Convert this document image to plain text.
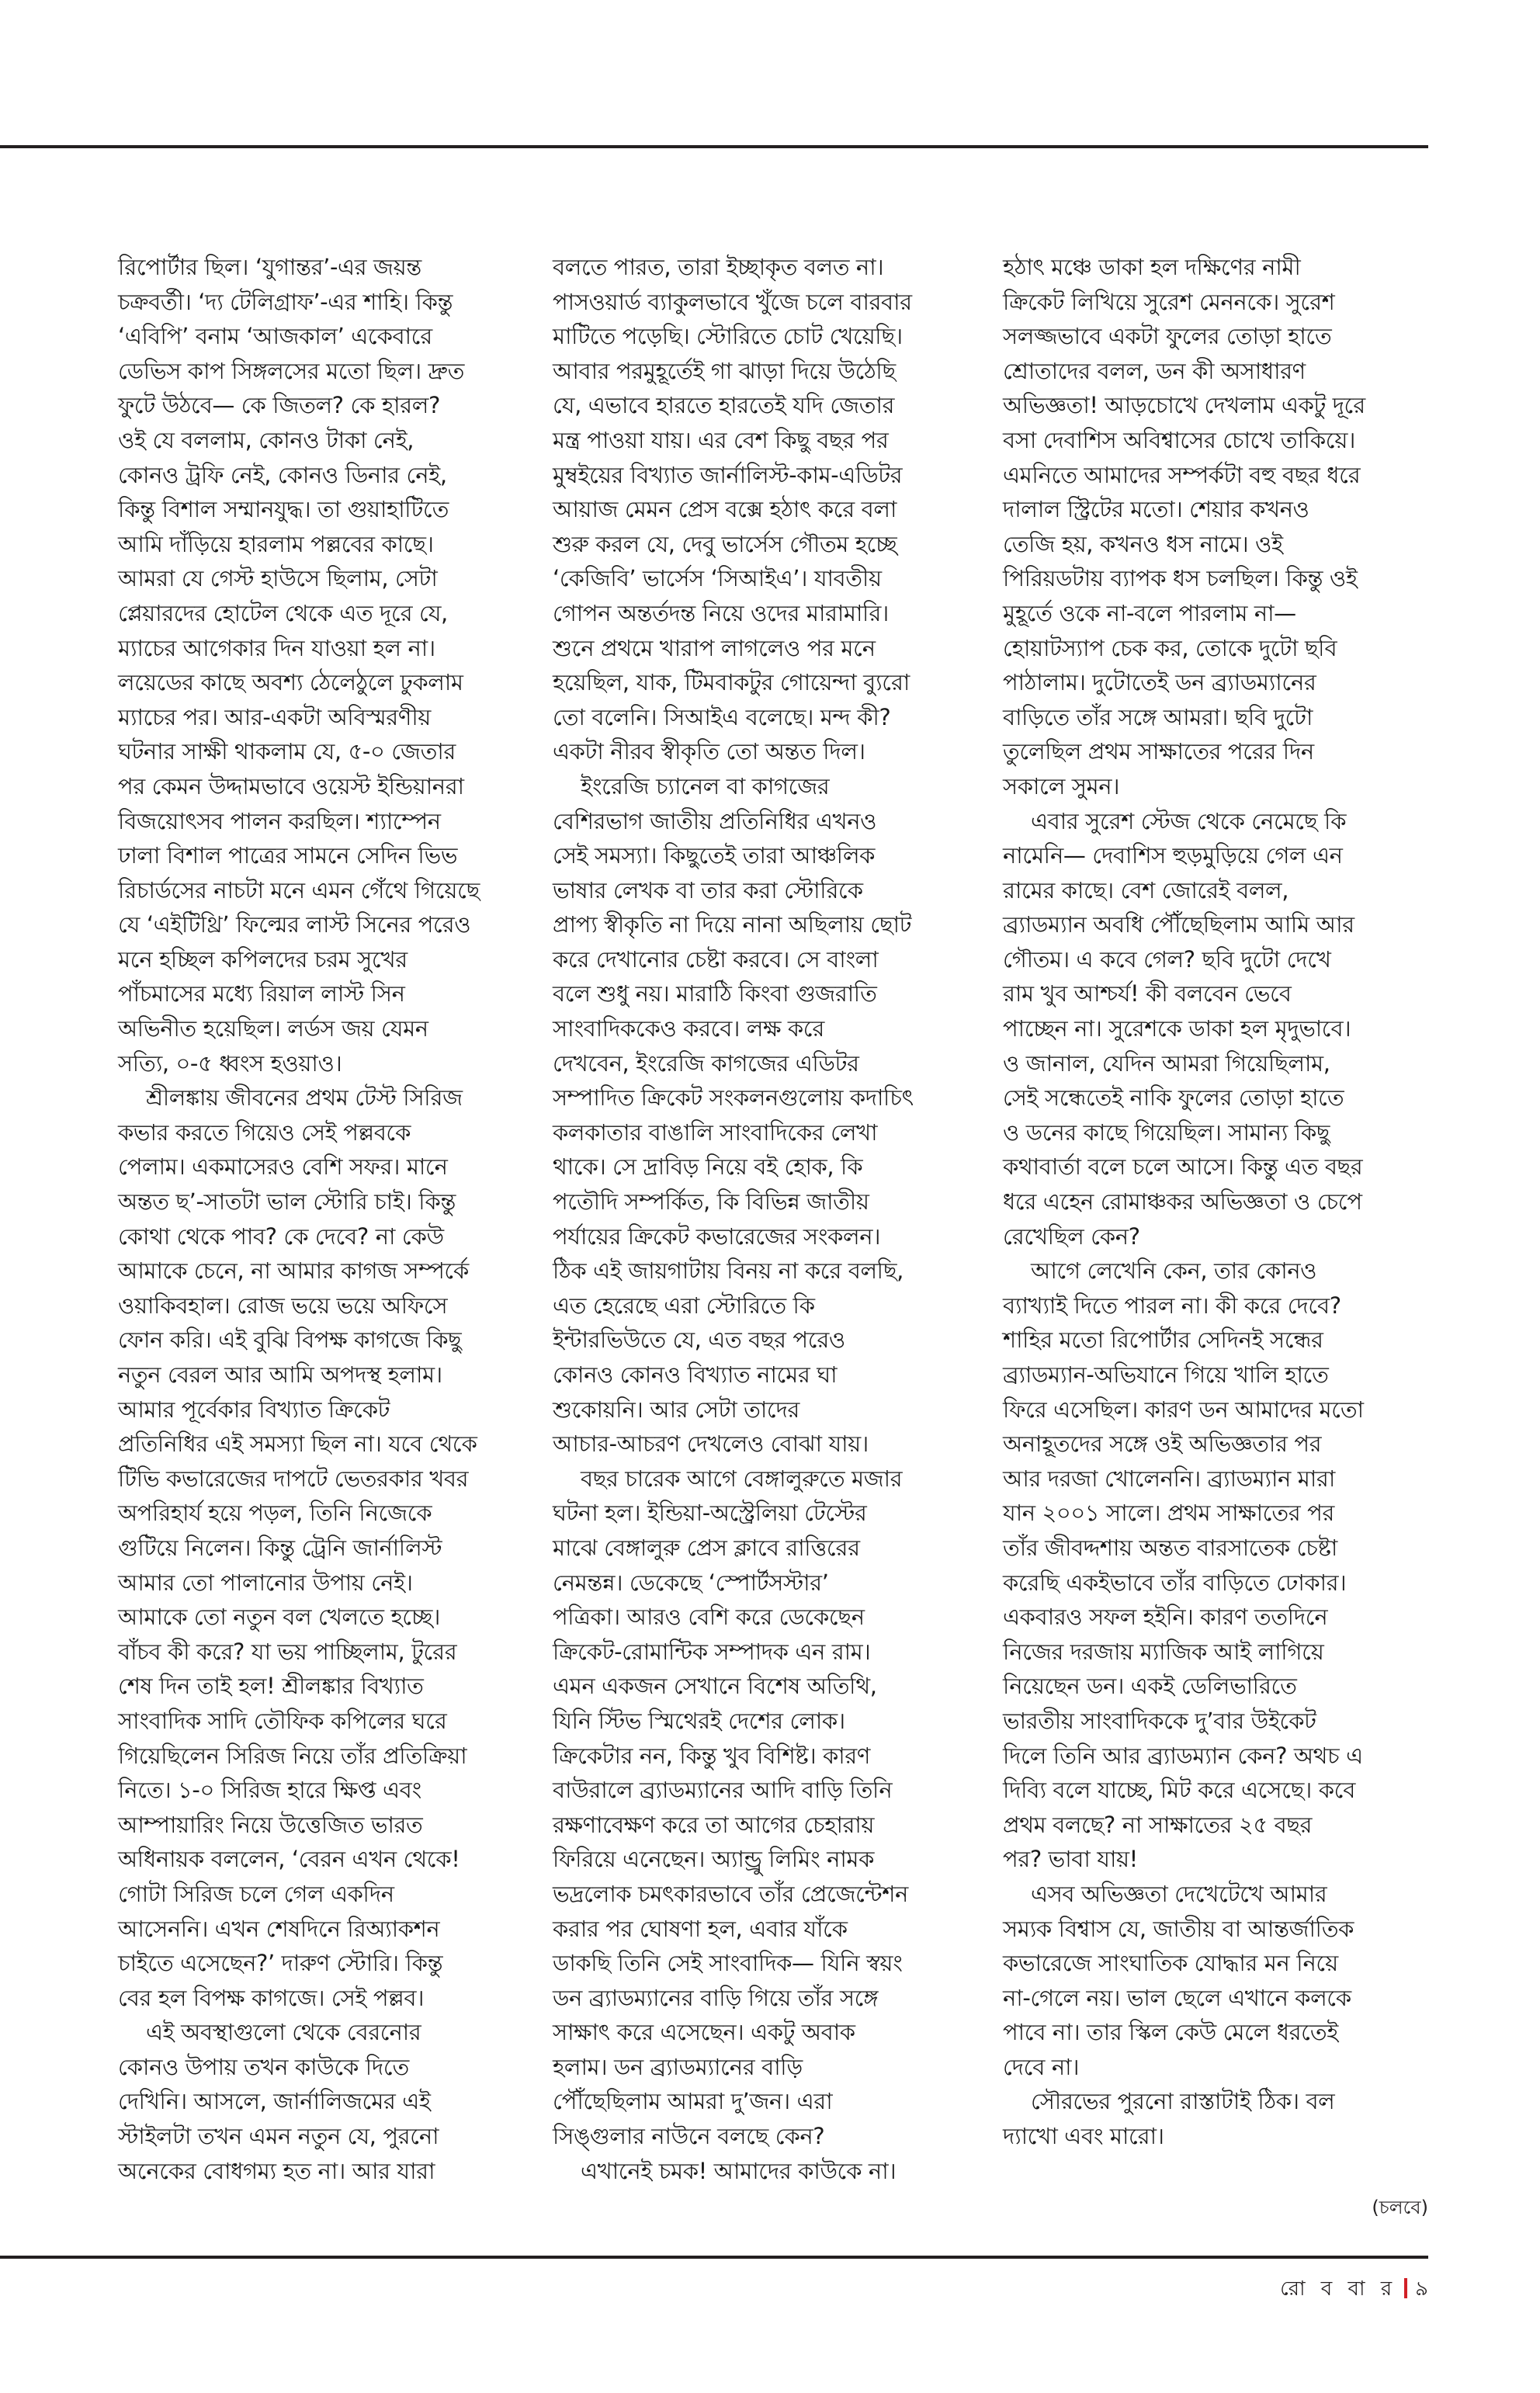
রিপোর্টার ছিল। ‘যুগান্তর’-এর জয়ন্ত
চক্রবর্তী। ‘দ্য টেলিগ্রাফ’-এর শাহি। কিন্তু
‘এবিপি’ বনাম ‘আজকাল’ একেবারে
ডেভিস কাপ সিঙ্গলসের মতো ছিল। দ্রুত
ফুটে উঠবে— কে জিতল? কে হারল?
ওই যে বললাম, কোনও টাকা নেই,
কোনও ট্রফি নেই, কোনও ডিনার নেই,
কিন্তু বিশাল সম্মানযুদ্ধ। তা গুয়াহাটিতে
আমি দাঁড়িয়ে হারলাম পল্লবের কাছে।
আমরা যে গেস্ট হাউসে ছিলাম, সেটা
প্লেয়ারদের হোটেল থেকে এত দূরে যে,
ম্যাচের আগেকার দিন যাওয়া হল না।
লয়েডের কাছে অবশ্য ঠেলেঠুলে ঢুকলাম
ম্যাচের পর। আর-একটা অবিস্মরণীয়
ঘটনার সাক্ষী থাকলাম যে, ৫-০ জেতার
পর কেমন উদ্দামভাবে ওয়েস্ট ইন্ডিয়ানরা
বিজয়োৎসব পালন করছিল। শ্যাম্পেন
ঢালা বিশাল পাত্রের সামনে সেদিন ভিভ
রিচার্ডসের নাচটা মনে এমন গেঁথে গিয়েছে
যে ‘এইটিথ্রি’ ফিল্মের লাস্ট সিনের পরেও
মনে হচ্ছিল কপিলদের চরম সুখের
পাঁচমাসের মধ্যে রিয়াল লাস্ট সিন
অভিনীত হয়েছিল। লর্ডস জয় যেমন
সত্যি, ০-৫ ধ্বংস হওয়াও।
শ্রীলঙ্কায় জীবনের প্রথম টেস্ট সিরিজ
কভার করতে গিয়েও সেই পল্লবকে
পেলাম। একমাসেরও বেশি সফর। মানে
অন্তত ছ’-সাতটা ভাল স্টোরি চাই। কিন্তু
কোথা থেকে পাব? কে দেবে? না কেউ
আমাকে চেনে, না আমার কাগজ সম্পর্কে
ওয়াকিবহাল। রোজ ভয়ে ভয়ে অফিসে
ফোন করি। এই বুঝি বিপক্ষ কাগজে কিছু
নতুন বেরল আর আমি অপদস্থ হলাম।
আমার পূর্বেকার বিখ্যাত ক্রিকেট
প্রতিনিধির এই সমস্যা ছিল না। যবে থেকে
টিভি কভারেজের দাপটে ভেতরকার খবর
অপরিহার্য হয়ে পড়ল, তিনি নিজেকে
গুটিয়ে নিলেন। কিন্তু ট্রেনি জার্নালিস্ট
আমার তো পালানোর উপায় নেই।
আমাকে তো নতুন বল খেলতে হচ্ছে।
বাঁচব কী করে? যা ভয় পাচ্ছিলাম, টুরের
শেষ দিন তাই হল! শ্রীলঙ্কার বিখ্যাত
সাংবাদিক সাদি তৌফিক কপিলের ঘরে
গিয়েছিলেন সিরিজ নিয়ে তাঁর প্রতিক্রিয়া
নিতে। ১-০ সিরিজ হারে ক্ষিপ্ত এবং
আম্পায়ারিং নিয়ে উত্তেজিত ভারত
অধিনায়ক বললেন, ‘বেরন এখন থেকে!
গোটা সিরিজ চলে গেল একদিন
আসেননি। এখন শেষদিনে রিঅ্যাকশন
চাইতে এসেছেন?’ দারুণ স্টোরি। কিন্তু
বের হল বিপক্ষ কাগজে। সেই পল্লব।
এই অবস্থাগুলো থেকে বেরনোর
কোনও উপায় তখন কাউকে দিতে
দেখিনি। আসলে, জার্নালিজমের এই
স্টাইলটা তখন এমন নতুন যে, পুরনো
অনেকের বোধগম্য হত না। আর যারা
বলতে পারত, তারা ইচ্ছাকৃত বলত না।
পাসওয়ার্ড ব্যাকুলভাবে খুঁজে চলে বারবার
মাটিতে পড়েছি। স্টোরিতে চোট খেয়েছি।
আবার পরমুহূর্তেই গা ঝাড়া দিয়ে উঠেছি
যে, এভাবে হারতে হারতেই যদি জেতার
মন্ত্র পাওয়া যায়। এর বেশ কিছু বছর পর
মুম্বইয়ের বিখ্যাত জার্নালিস্ট-কাম-এডিটর
আয়াজ মেমন প্রেস বক্সে হঠাৎ করে বলা
শুরু করল যে, দেবু ভার্সেস গৌতম হচ্ছে
‘কেজিবি’ ভার্সেস ‘সিআইএ’। যাবতীয়
গোপন অন্তর্তদন্ত নিয়ে ওদের মারামারি।
শুনে প্রথমে খারাপ লাগলেও পর মনে
হয়েছিল, যাক, টিমবাকটুর গোয়েন্দা ব্যুরো
তো বলেনি। সিআইএ বলেছে। মন্দ কী?
একটা নীরব স্বীকৃতি তো অন্তত দিল।
ইংরেজি চ্যানেল বা কাগজের
বেশিরভাগ জাতীয় প্রতিনিধির এখনও
সেই সমস্যা। কিছুতেই তারা আঞ্চলিক
ভাষার লেখক বা তার করা স্টোরিকে
প্রাপ্য স্বীকৃতি না দিয়ে নানা অছিলায় ছোট
করে দেখানোর চেষ্টা করবে। সে বাংলা
বলে শুধু নয়। মারাঠি কিংবা গুজরাতি
সাংবাদিককেও করবে। লক্ষ করে
দেখবেন, ইংরেজি কাগজের এডিটর
সম্পাদিত ক্রিকেট সংকলনগুলোয় কদাচিৎ
কলকাতার বাঙালি সাংবাদিকের লেখা
থাকে। সে দ্রাবিড় নিয়ে বই হোক, কি
পতৌদি সম্পর্কিত, কি বিভিন্ন জাতীয়
পর্যায়ের ক্রিকেট কভারেজের সংকলন।
ঠিক এই জায়গাটায় বিনয় না করে বলছি,
এত হেরেছে এরা স্টোরিতে কি
ইন্টারভিউতে যে, এত বছর পরেও
কোনও কোনও বিখ্যাত নামের ঘা
শুকোয়নি। আর সেটা তাদের
আচার-আচরণ দেখলেও বোঝা যায়।
বছর চারেক আগে বেঙ্গালুরুতে মজার
ঘটনা হল। ইন্ডিয়া-অস্ট্রেলিয়া টেস্টের
মাঝে বেঙ্গালুরু প্রেস ক্লাবে রাত্তিরের
নেমন্তন্ন। ডেকেছে ‘স্পোর্টসস্টার’
পত্রিকা। আরও বেশি করে ডেকেছেন
ক্রিকেট-রোমান্টিক সম্পাদক এন রাম।
এমন একজন সেখানে বিশেষ অতিথি,
যিনি স্টিভ স্মিথেরই দেশের লোক।
ক্রিকেটার নন, কিন্তু খুব বিশিষ্ট। কারণ
বাউরালে ব্র্যাডম্যানের আদি বাড়ি তিনি
রক্ষণাবেক্ষণ করে তা আগের চেহারায়
ফিরিয়ে এনেছেন। অ্যান্ড্রু লিমিং নামক
ভদ্রলোক চমৎকারভাবে তাঁর প্রেজেন্টেশন
করার পর ঘোষণা হল, এবার যাঁকে
ডাকছি তিনি সেই সাংবাদিক— যিনি স্বয়ং
ডন ব্র্যাডম্যানের বাড়ি গিয়ে তাঁর সঙ্গে
সাক্ষাৎ করে এসেছেন। একটু অবাক
হলাম। ডন ব্র্যাডম্যানের বাড়ি
পৌঁছেছিলাম আমরা দু’জন। এরা
সিঙ্গুলার নাউনে বলছে কেন?
এখানেই চমক! আমাদের কাউকে না।
হঠাৎ মঞ্চে ডাকা হল দক্ষিণের নামী
ক্রিকেট লিখিয়ে সুরেশ মেননকে। সুরেশ
সলজ্জভাবে একটা ফুলের তোড়া হাতে
শ্রোতাদের বলল, ডন কী অসাধারণ
অভিজ্ঞতা! আড়চোখে দেখলাম একটু দূরে
বসা দেবাশিস অবিশ্বাসের চোখে তাকিয়ে।
এমনিতে আমাদের সম্পর্কটা বহু বছর ধরে
দালাল স্ট্রিটের মতো। শেয়ার কখনও
তেজি হয়, কখনও ধস নামে। ওই
পিরিয়ডটায় ব্যাপক ধস চলছিল। কিন্তু ওই
মুহূর্তে ওকে না-বলে পারলাম না—
হোয়াটস্যাপ চেক কর, তোকে দুটো ছবি
পাঠালাম। দুটোতেই ডন ব্র্যাডম্যানের
বাড়িতে তাঁর সঙ্গে আমরা। ছবি দুটো
তুলেছিল প্রথম সাক্ষাতের পরের দিন
সকালে সুমন।
এবার সুরেশ স্টেজ থেকে নেমেছে কি
নামেনি— দেবাশিস হুড়মুড়িয়ে গেল এন
রামের কাছে। বেশ জোরেই বলল,
ব্র্যাডম্যান অবধি পৌঁছেছিলাম আমি আর
গৌতম। এ কবে গেল? ছবি দুটো দেখে
রাম খুব আশ্চর্য! কী বলবেন ভেবে
পাচ্ছেন না। সুরেশকে ডাকা হল মৃদুভাবে।
ও জানাল, যেদিন আমরা গিয়েছিলাম,
সেই সন্ধেতেই নাকি ফুলের তোড়া হাতে
ও ডনের কাছে গিয়েছিল। সামান্য কিছু
কথাবার্তা বলে চলে আসে। কিন্তু এত বছর
ধরে এহেন রোমাঞ্চকর অভিজ্ঞতা ও চেপে
রেখেছিল কেন?
আগে লেখেনি কেন, তার কোনও
ব্যাখ্যাই দিতে পারল না। কী করে দেবে?
শাহির মতো রিপোর্টার সেদিনই সন্ধের
ব্র্যাডম্যান-অভিযানে গিয়ে খালি হাতে
ফিরে এসেছিল। কারণ ডন আমাদের মতো
অনাহূতদের সঙ্গে ওই অভিজ্ঞতার পর
আর দরজা খোলেননি। ব্র্যাডম্যান মারা
যান ২০০১ সালে। প্রথম সাক্ষাতের পর
তাঁর জীবদ্দশায় অন্তত বারসাতেক চেষ্টা
করেছি একইভাবে তাঁর বাড়িতে ঢোকার।
একবারও সফল হইনি। কারণ ততদিনে
নিজের দরজায় ম্যাজিক আই লাগিয়ে
নিয়েছেন ডন। একই ডেলিভারিতে
ভারতীয় সাংবাদিককে দু’বার উইকেট
দিলে তিনি আর ব্র্যাডম্যান কেন? অথচ এ
দিব্যি বলে যাচ্ছে, মিট করে এসেছে। কবে
প্রথম বলছে? না সাক্ষাতের ২৫ বছর
পর? ভাবা যায়!
এসব অভিজ্ঞতা দেখেটেখে আমার
সম্যক বিশ্বাস যে, জাতীয় বা আন্তর্জাতিক
কভারেজে সাংঘাতিক যোদ্ধার মন নিয়ে
না-গেলে নয়। ভাল ছেলে এখানে কলকে
পাবে না। তার স্কিল কেউ মেলে ধরতেই
দেবে না।
সৌরভের পুরনো রাস্তাটাই ঠিক। বল
দ্যাখো এবং মারো।
(চলবে)
রো ব বা র ৯
